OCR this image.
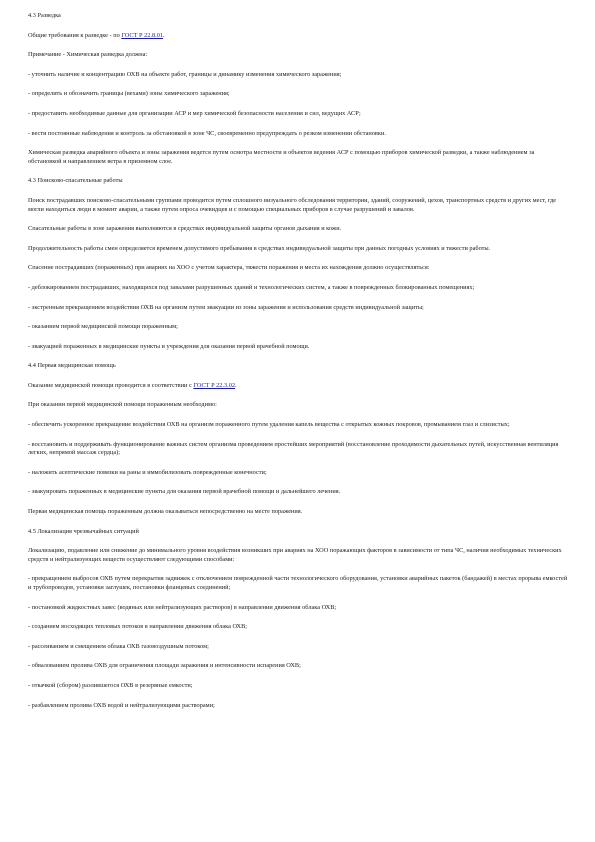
4.3 Разведка
Общие требования к разведке - по ГОСТ Р 22.8.01.
Примечание - Химическая разведка должна:
- уточнить наличие и концентрацию ОХВ на объекте работ, границы и динамику изменения химического заражения;
- определить и обозначить границы (вехами) зоны химического заражения;
- предоставить необходимые данные для организации АСР и мер химической безопасности населения и сил, ведущих АСР;
- вести постоянные наблюдения и контроль за обстановкой в зоне ЧС, своевременно предупреждать о резком изменении обстановки.
Химическая разведка аварийного объекта и зоны заражения ведется путем осмотра местности и объектов ведения АСР с помощью приборов химической разведки, а также наблюдением за обстановкой и направлением ветра в приземном слое.
4.3 Поисково-спасательные работы
Поиск пострадавших поисково-спасательными группами проводится путем сплошного визуального обследования территории, зданий, сооружений, цехов, транспортных средств и других мест, где могли находиться люди в момент аварии, а также путем опроса очевидцев и с помощью специальных приборов в случае разрушений и завалов.
Спасательные работы в зоне заражения выполняются в средствах индивидуальной защиты органов дыхания и кожи.
Продолжительность работы смен определяется временем допустимого пребывания в средствах индивидуальной защиты при данных погодных условиях и тяжести работы.
Спасение пострадавших (пораженных) при авариях на ХОО с учетом характера, тяжести поражения и места их нахождения должно осуществляться:
- деблокированием пострадавших, находящихся под завалами разрушенных зданий и технологических систем, а также в поврежденных блокированных помещениях;
- экстренным прекращением воздействия ОХВ на организм путем эвакуации из зоны заражения и использования средств индивидуальной защиты;
- оказанием первой медицинской помощи пораженным;
- эвакуацией пораженных в медицинские пункты и учреждения для оказания первой врачебной помощи.
4.4 Первая медицинская помощь
Оказание медицинской помощи проводится в соответствии с ГОСТ Р 22.3.02.
При оказании первой медицинской помощи пораженным необходимо:
- обеспечить ускоренное прекращение воздействия ОХВ на организм пораженного путем удаления капель вещества с открытых кожных покровов, промыванием глаз и слизистых;
- восстановить и поддерживать функционирование важных систем организма проведением простейших мероприятий (восстановление проходимости дыхательных путей, искусственная вентиляция легких, непрямой массаж сердца);
- наложить асептические повязки на раны и иммобилизовать поврежденные конечности;
- эвакуировать пораженных в медицинские пункты для оказания первой врачебной помощи и дальнейшего лечения.
Первая медицинская помощь пораженным должна оказываться непосредственно на месте поражения.
4.5 Локализация чрезвычайных ситуаций
Локализацию, подавление или снижение до минимального уровня воздействия возникших при авариях на ХОО поражающих факторов в зависимости от типа ЧС, наличия необходимых технических средств и нейтрализующих веществ осуществляют следующими способами:
- прекращением выбросов ОХВ путем перекрытия задвижек с отключением поврежденной части технологического оборудования, установки аварийных пакеток (бандажей) в местах прорыва емкостей и трубопроводов, установки заглушек, постановки фланцевых соединений;
- постановкой жидкостных завес (водяных или нейтрализующих растворов) в направлении движения облака ОХВ;
- созданием восходящих тепловых потоков в направлении движения облака ОХВ;
- рассеиванием и смещением облака ОХВ газовоздушным потоком;
- обвалованием пролива ОХВ для ограничения площади заражения и интенсивности испарения ОХВ;
- откачкой (сбором) разлившегося ОХВ в резервные емкости;
- разбавлением пролива ОХВ водой и нейтрализующими растворами;
